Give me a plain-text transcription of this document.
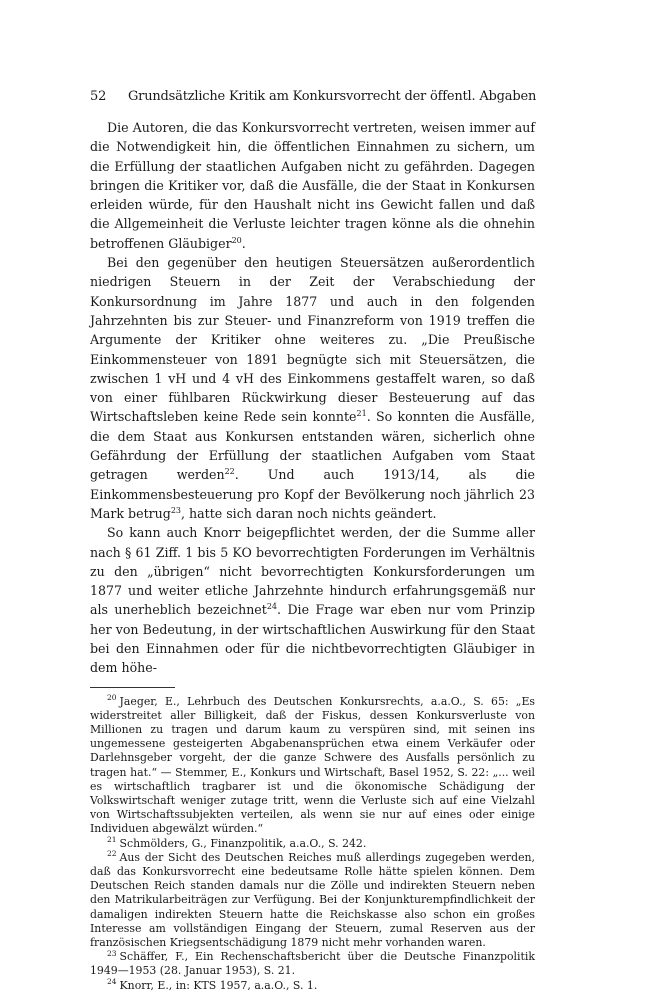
52 Grundsätzliche Kritik am Konkursvorrecht der öffentl. Abgaben

Die Autoren, die das Konkursvorrecht vertreten, weisen immer auf die Notwendigkeit hin, die öffentlichen Einnahmen zu sichern, um die Erfüllung der staatlichen Aufgaben nicht zu gefährden. Dagegen bringen die Kritiker vor, daß die Ausfälle, die der Staat in Konkursen erleiden würde, für den Haushalt nicht ins Gewicht fallen und daß die Allgemeinheit die Verluste leichter tragen könne als die ohnehin betroffenen Gläubiger$^{20}$.

Bei den gegenüber den heutigen Steuersätzen außerordentlich niedrigen Steuern in der Zeit der Verabschiedung der Konkursordnung im Jahre 1877 und auch in den folgenden Jahrzehnten bis zur Steuer- und Finanzreform von 1919 treffen die Argumente der Kritiker ohne weiteres zu. „Die Preußische Einkommensteuer von 1891 begnügte sich mit Steuersätzen, die zwischen 1 vH und 4 vH des Einkommens gestaffelt waren, so daß von einer fühlbaren Rückwirkung dieser Besteuerung auf das Wirtschaftsleben keine Rede sein konnte$^{21}$. So konnten die Ausfälle, die dem Staat aus Konkursen entstanden wären, sicherlich ohne Gefährdung der Erfüllung der staatlichen Aufgaben vom Staat getragen werden$^{22}$. Und auch 1913/14, als die Einkommensbesteuerung pro Kopf der Bevölkerung noch jährlich 23 Mark betrug$^{23}$, hatte sich daran noch nichts geändert.

So kann auch Knorr beigepflichtet werden, der die Summe aller nach § 61 Ziff. 1 bis 5 KO bevorrechtigten Forderungen im Verhältnis zu den „übrigen“ nicht bevorrechtigten Konkursforderungen um 1877 und weiter etliche Jahrzehnte hindurch erfahrungsgemäß nur als unerheblich bezeichnet$^{24}$. Die Frage war eben nur vom Prinzip her von Bedeutung, in der wirtschaftlichen Auswirkung für den Staat bei den Einnahmen oder für die nichtbevorrechtigten Gläubiger in dem höhe-

$^{20}$ Jaeger, E., Lehrbuch des Deutschen Konkursrechts, a.a.O., S. 65: „Es widerstreitet aller Billigkeit, daß der Fiskus, dessen Konkursverluste von Millionen zu tragen und darum kaum zu verspüren sind, mit seinen ins ungemessene gesteigerten Abgabenansprüchen etwa einem Verkäufer oder Darlehnsgeber vorgeht, der die ganze Schwere des Ausfalls persönlich zu tragen hat.“ — Stemmer, E., Konkurs und Wirtschaft, Basel 1952, S. 22: „... weil es wirtschaftlich tragbarer ist und die ökonomische Schädigung der Volkswirtschaft weniger zutage tritt, wenn die Verluste sich auf eine Vielzahl von Wirtschaftssubjekten verteilen, als wenn sie nur auf eines oder einige Individuen abgewälzt würden.“

$^{21}$ Schmölders, G., Finanzpolitik, a.a.O., S. 242.

$^{22}$ Aus der Sicht des Deutschen Reiches muß allerdings zugegeben werden, daß das Konkursvorrecht eine bedeutsame Rolle hätte spielen können. Dem Deutschen Reich standen damals nur die Zölle und indirekten Steuern neben den Matrikularbeiträgen zur Verfügung. Bei der Konjunkturempfindlichkeit der damaligen indirekten Steuern hatte die Reichskasse also schon ein großes Interesse am vollständigen Eingang der Steuern, zumal Reserven aus der französischen Kriegsentschädigung 1879 nicht mehr vorhanden waren.

$^{23}$ Schäffer, F., Ein Rechenschaftsbericht über die Deutsche Finanzpolitik 1949—1953 (28. Januar 1953), S. 21.

$^{24}$ Knorr, E., in: KTS 1957, a.a.O., S. 1.
